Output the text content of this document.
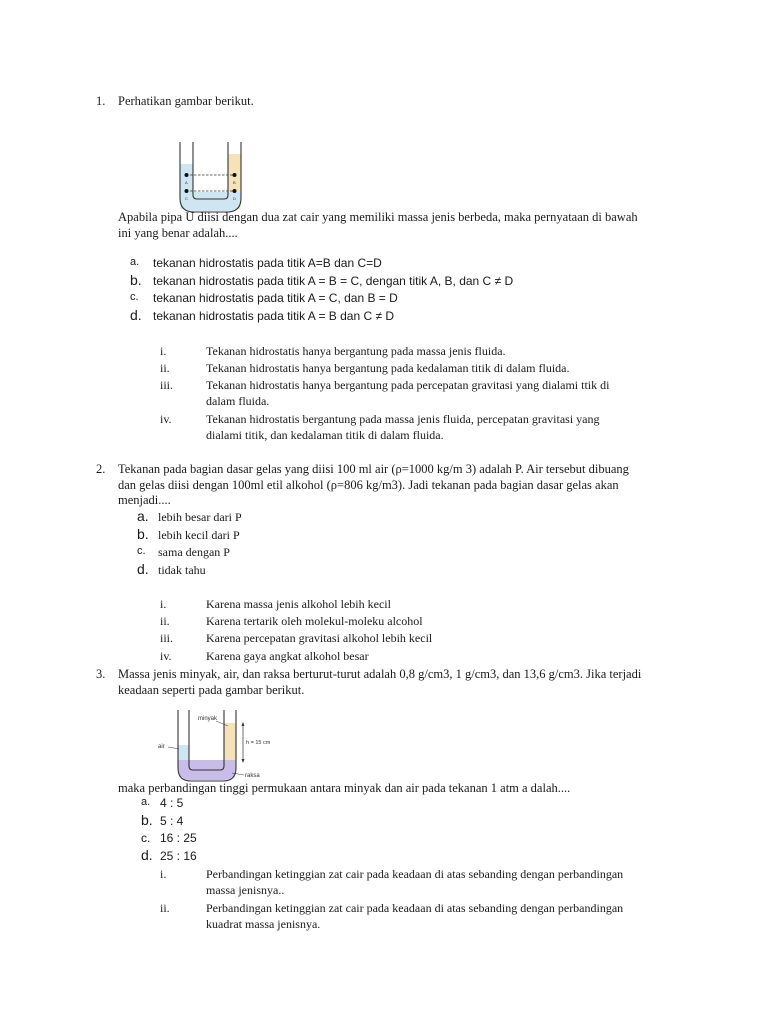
1. Perhatikan gambar berikut.
A	B
C	D
Apabila pipa U diisi dengan dua zat cair yang memiliki massa jenis berbeda, maka pernyataan di bawah
ini yang benar adalah....
a. tekanan hidrostatis pada titik A=B dan C=D
b. tekanan hidrostatis pada titik A = B = C, dengan titik A, B, dan C ≠ D
c. tekanan hidrostatis pada titik A = C, dan B = D
d. tekanan hidrostatis pada titik A = B dan C ≠ D
i.	Tekanan hidrostatis hanya bergantung pada massa jenis fluida.
ii.	Tekanan hidrostatis hanya bergantung pada kedalaman titik di dalam fluida.
iii.	Tekanan hidrostatis hanya bergantung pada percepatan gravitasi yang dialami ttik di
dalam fluida.
iv.	Tekanan hidrostatis bergantung pada massa jenis fluida, percepatan gravitasi yang
dialami titik, dan kedalaman titik di dalam fluida.
2. Tekanan pada bagian dasar gelas yang diisi 100 ml air (ρ=1000 kg/m 3) adalah P. Air tersebut dibuang
dan gelas diisi dengan 100ml etil alkohol (ρ=806 kg/m3). Jadi tekanan pada bagian dasar gelas akan
menjadi....
a. lebih besar dari P
b. lebih kecil dari P
c. sama dengan P
d. tidak tahu
i.	Karena massa jenis alkohol lebih kecil
ii.	Karena tertarik oleh molekul-moleku alcohol
iii.	Karena percepatan gravitasi alkohol lebih kecil
iv.	Karena gaya angkat alkohol besar
3. Massa jenis minyak, air, dan raksa berturut-turut adalah 0,8 g/cm3, 1 g/cm3, dan 13,6 g/cm3. Jika terjadi
keadaan seperti pada gambar berikut.
minyak
air
h = 15 cm
raksa
maka perbandingan tinggi permukaan antara minyak dan air pada tekanan 1 atm a dalah....
a. 4 : 5
b. 5 : 4
c. 16 : 25
d. 25 : 16
i.	Perbandingan ketinggian zat cair pada keadaan di atas sebanding dengan perbandingan
massa jenisnya..
ii.	Perbandingan ketinggian zat cair pada keadaan di atas sebanding dengan perbandingan
kuadrat massa jenisnya.
